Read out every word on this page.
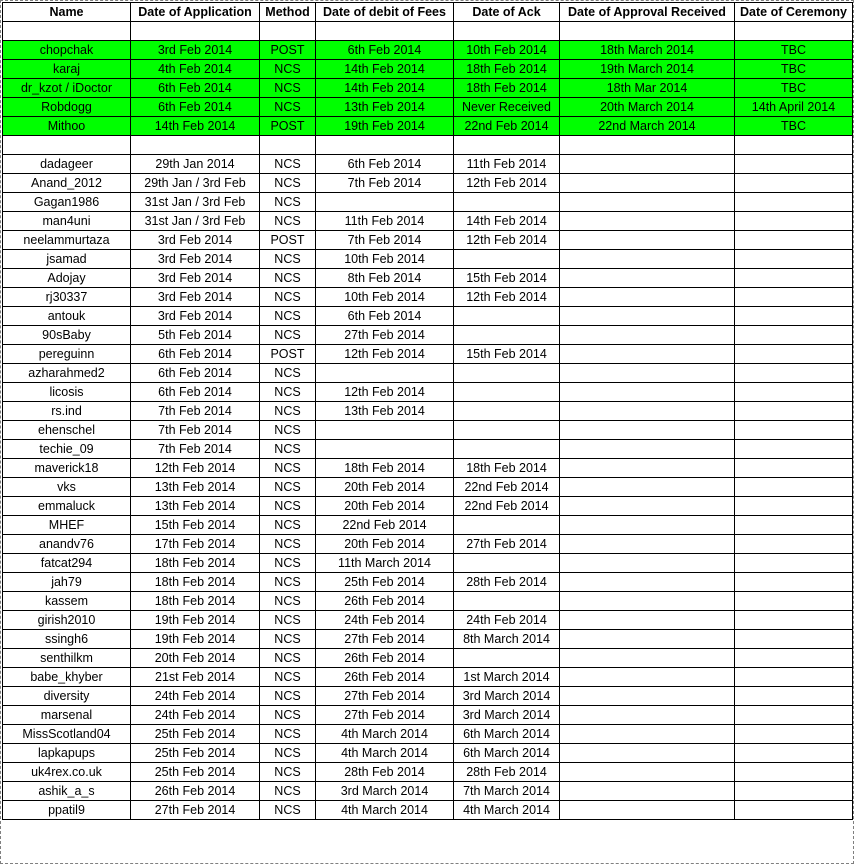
Name	Date of Application	Method	Date of debit of Fees	Date of Ack	Date of Approval Received	Date of Ceremony

chopchak	3rd Feb 2014	POST	6th Feb 2014	10th Feb 2014	18th March 2014	TBC
karaj	4th Feb 2014	NCS	14th Feb 2014	18th Feb 2014	19th March 2014	TBC
dr_kzot / iDoctor	6th Feb 2014	NCS	14th Feb 2014	18th Feb 2014	18th Mar 2014	TBC
Robdogg	6th Feb 2014	NCS	13th Feb 2014	Never Received	20th March 2014	14th April 2014
Mithoo	14th Feb 2014	POST	19th Feb 2014	22nd Feb 2014	22nd March 2014	TBC

dadageer	29th Jan 2014	NCS	6th Feb 2014	11th Feb 2014		
Anand_2012	29th Jan / 3rd Feb	NCS	7th Feb 2014	12th Feb 2014		
Gagan1986	31st Jan / 3rd Feb	NCS				
man4uni	31st Jan / 3rd Feb	NCS	11th Feb 2014	14th Feb 2014		
neelammurtaza	3rd Feb 2014	POST	7th Feb 2014	12th Feb 2014		
jsamad	3rd Feb 2014	NCS	10th Feb 2014			
Adojay	3rd Feb 2014	NCS	8th Feb 2014	15th Feb 2014		
rj30337	3rd Feb 2014	NCS	10th Feb 2014	12th Feb 2014		
antouk	3rd Feb 2014	NCS	6th Feb 2014			
90sBaby	5th Feb 2014	NCS	27th Feb 2014			
pereguinn	6th Feb 2014	POST	12th Feb 2014	15th Feb 2014		
azharahmed2	6th Feb 2014	NCS				
licosis	6th Feb 2014	NCS	12th Feb 2014			
rs.ind	7th Feb 2014	NCS	13th Feb 2014			
ehenschel	7th Feb 2014	NCS				
techie_09	7th Feb 2014	NCS				
maverick18	12th Feb 2014	NCS	18th Feb 2014	18th Feb 2014		
vks	13th Feb 2014	NCS	20th Feb 2014	22nd Feb 2014		
emmaluck	13th Feb 2014	NCS	20th Feb 2014	22nd Feb 2014		
MHEF	15th Feb 2014	NCS	22nd Feb 2014			
anandv76	17th Feb 2014	NCS	20th Feb 2014	27th Feb 2014		
fatcat294	18th Feb 2014	NCS	11th March 2014			
jah79	18th Feb 2014	NCS	25th Feb 2014	28th Feb 2014		
kassem	18th Feb 2014	NCS	26th Feb 2014			
girish2010	19th Feb 2014	NCS	24th Feb 2014	24th Feb 2014		
ssingh6	19th Feb 2014	NCS	27th Feb 2014	8th March 2014		
senthilkm	20th Feb 2014	NCS	26th Feb 2014			
babe_khyber	21st Feb 2014	NCS	26th Feb 2014	1st March 2014		
diversity	24th Feb 2014	NCS	27th Feb 2014	3rd March 2014		
marsenal	24th Feb 2014	NCS	27th Feb 2014	3rd March 2014		
MissScotland04	25th Feb 2014	NCS	4th March 2014	6th March 2014		
lapkapups	25th Feb 2014	NCS	4th March 2014	6th March 2014		
uk4rex.co.uk	25th Feb 2014	NCS	28th Feb 2014	28th Feb 2014		
ashik_a_s	26th Feb 2014	NCS	3rd March 2014	7th March 2014		
ppatil9	27th Feb 2014	NCS	4th March 2014	4th March 2014		
